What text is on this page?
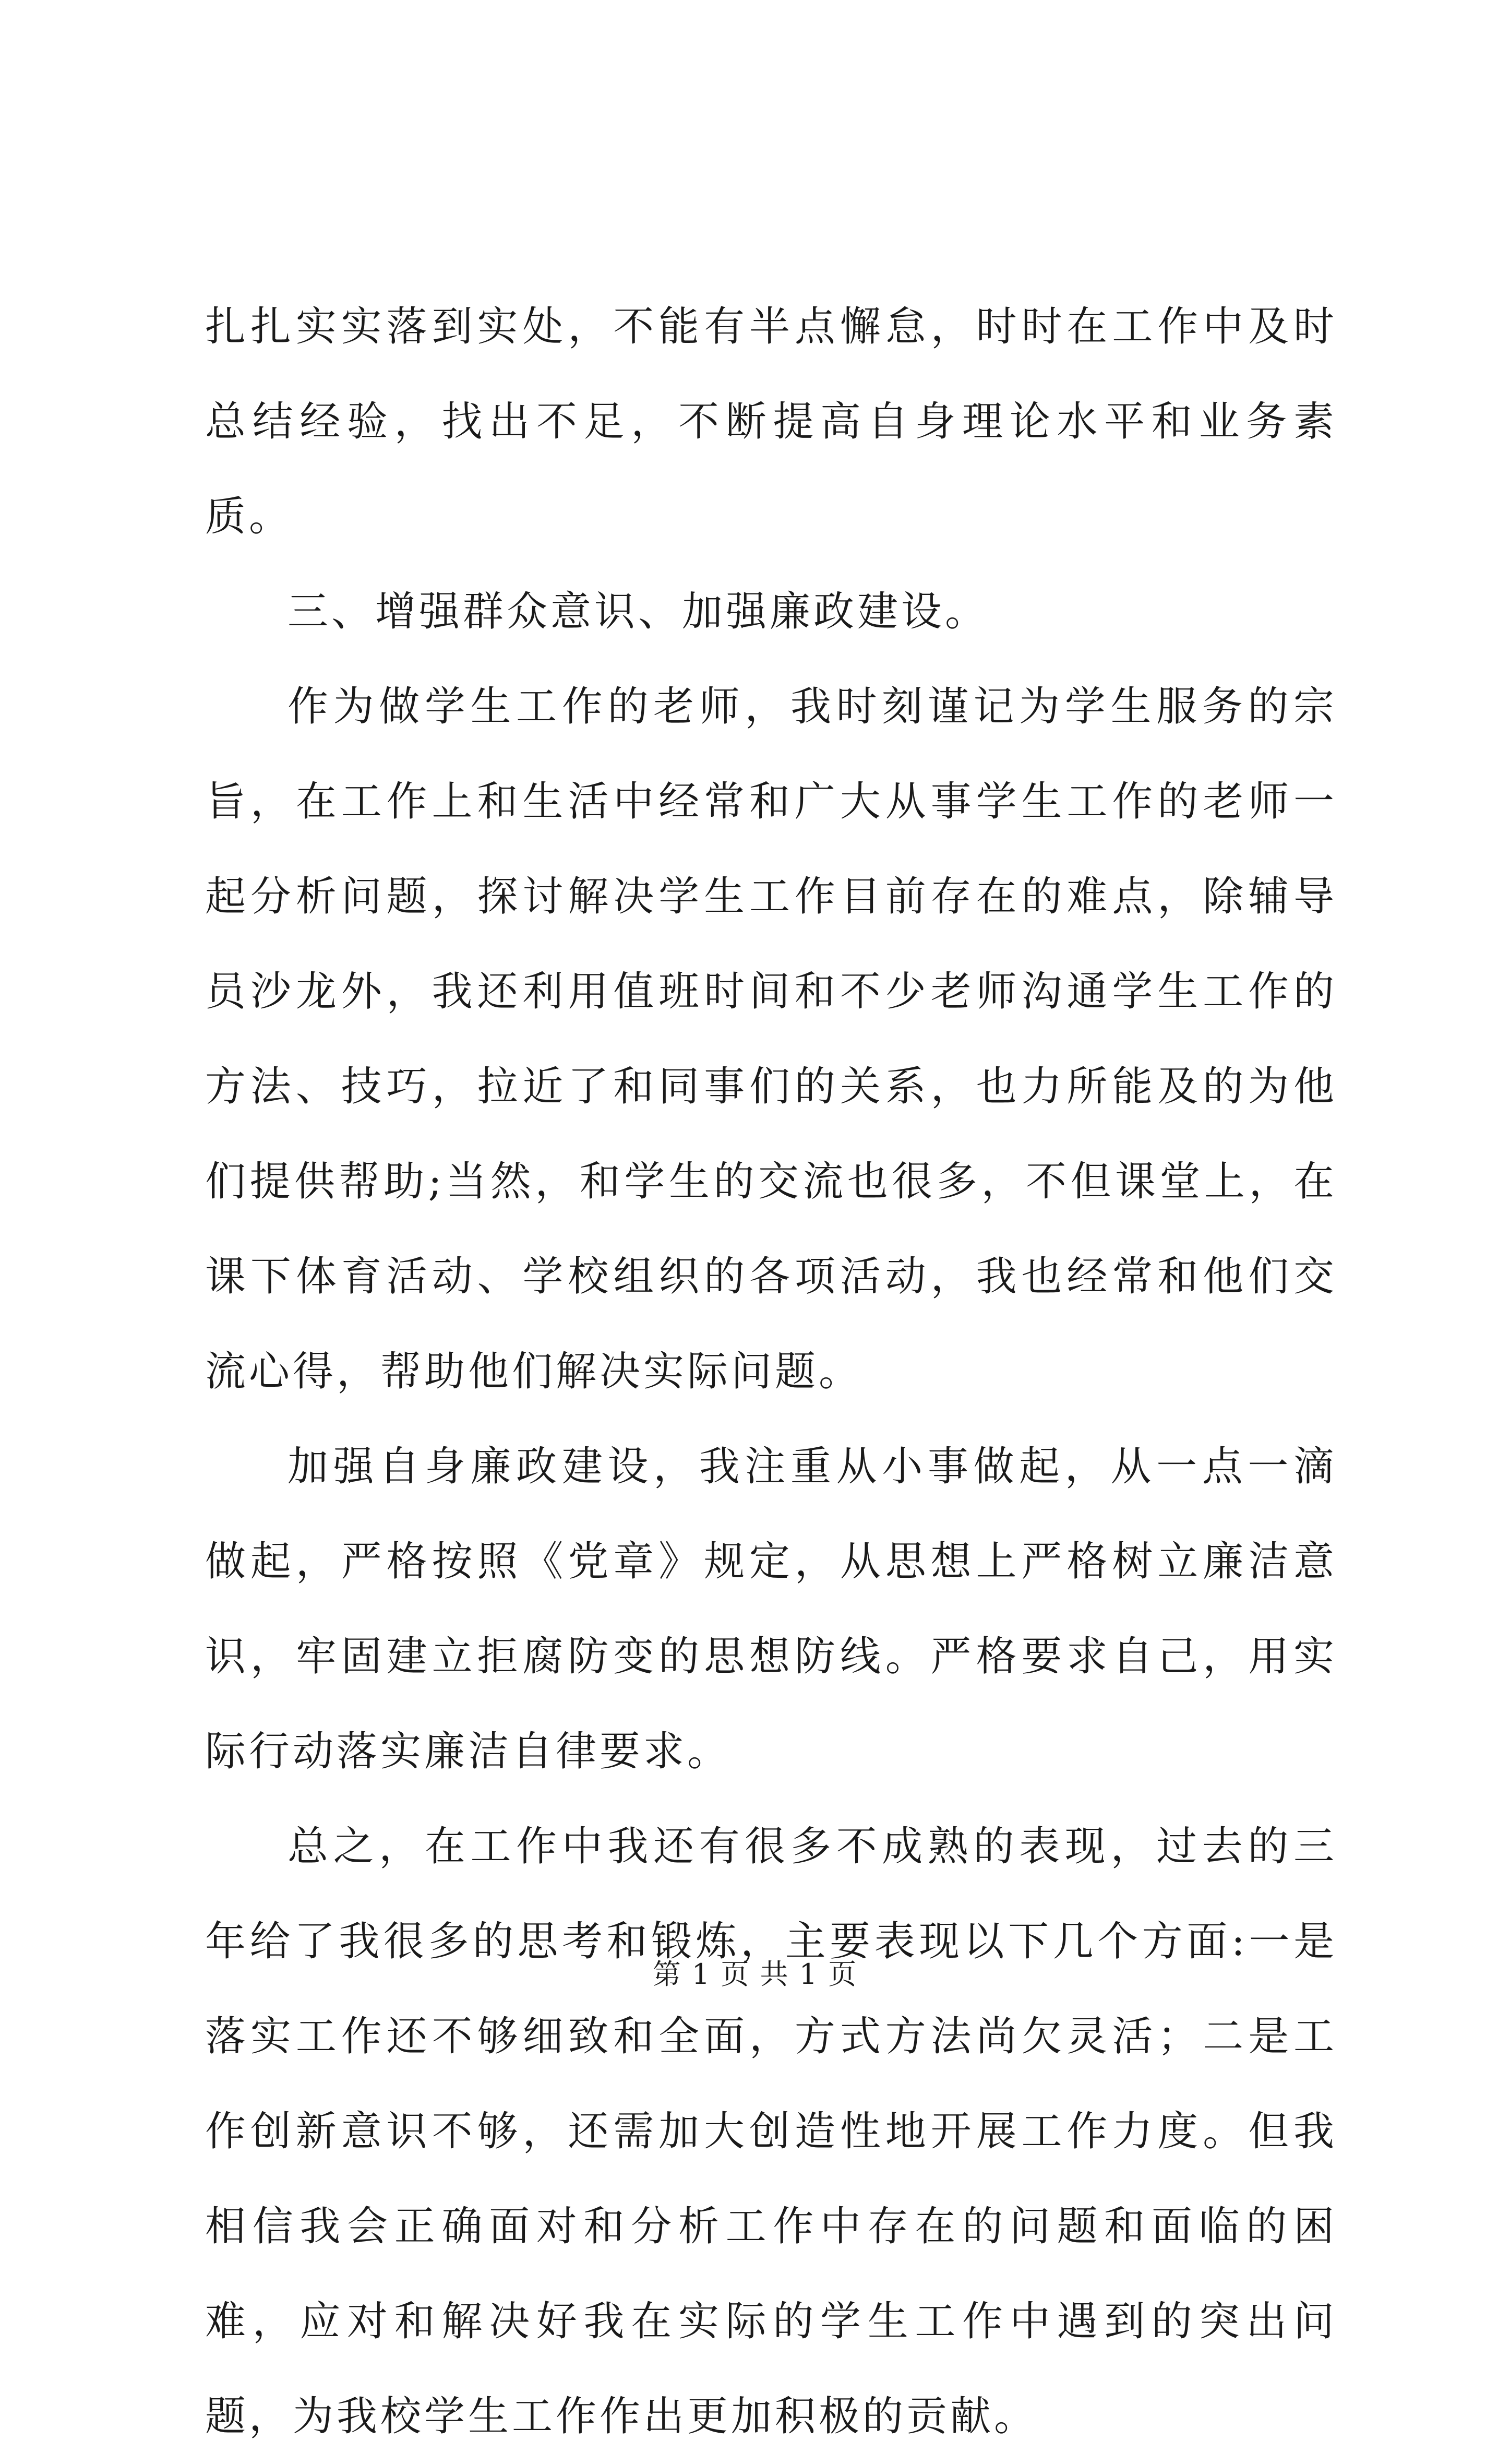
扎扎实实落到实处，不能有半点懈怠，时时在工作中及时总结经验，找出不足，不断提高自身理论水平和业务素质。

三、增强群众意识、加强廉政建设。

作为做学生工作的老师，我时刻谨记为学生服务的宗旨，在工作上和生活中经常和广大从事学生工作的老师一起分析问题，探讨解决学生工作目前存在的难点，除辅导员沙龙外，我还利用值班时间和不少老师沟通学生工作的方法、技巧，拉近了和同事们的关系，也力所能及的为他们提供帮助;当然，和学生的交流也很多，不但课堂上，在课下体育活动、学校组织的各项活动，我也经常和他们交流心得，帮助他们解决实际问题。

加强自身廉政建设，我注重从小事做起，从一点一滴做起，严格按照《党章》规定，从思想上严格树立廉洁意识，牢固建立拒腐防变的思想防线。严格要求自己，用实际行动落实廉洁自律要求。

总之，在工作中我还有很多不成熟的表现，过去的三年给了我很多的思考和锻炼，主要表现以下几个方面:一是落实工作还不够细致和全面，方式方法尚欠灵活；二是工作创新意识不够，还需加大创造性地开展工作力度。但我相信我会正确面对和分析工作中存在的问题和面临的困难，应对和解决好我在实际的学生工作中遇到的突出问题，为我校学生工作作出更加积极的贡献。

第 1 页 共 1 页
